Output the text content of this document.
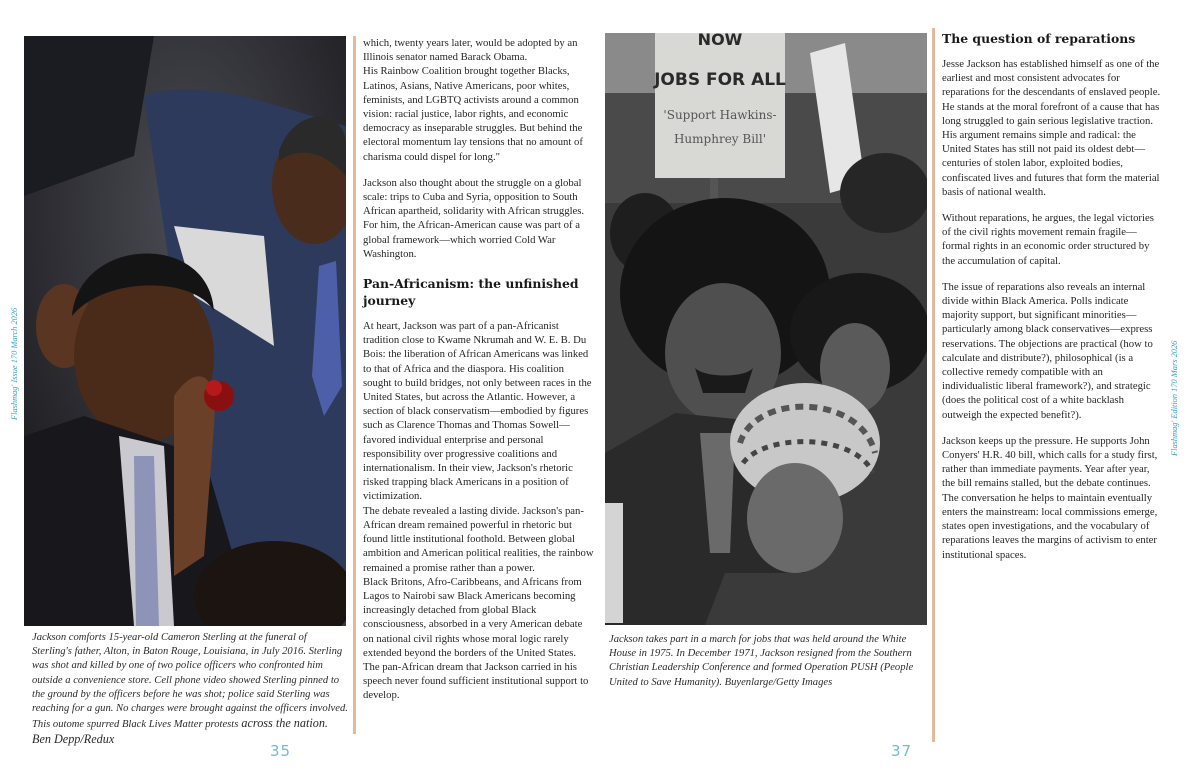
Jackson comforts 15-year-old Cameron Sterling at the funeral of Sterling's father, Alton, in Baton Rouge, Louisiana, in July 2016. Sterling was shot and killed by one of two police officers who confronted him outside a convenience store. Cell phone video showed Sterling pinned to the ground by the officers before he was shot; police said Sterling was reaching for a gun. No charges were brought against the officers involved. This outome spurred Black Lives Matter protests across the nation. Ben Depp/Redux
Flashmag' Issue 170 March 2026
35

which, twenty years later, would be adopted by an Illinois senator named Barack Obama.

His Rainbow Coalition brought together Blacks, Latinos, Asians, Native Americans, poor whites, feminists, and LGBTQ activists around a common vision: racial justice, labor rights, and economic democracy as inseparable struggles. But behind the electoral momentum lay tensions that no amount of charisma could dispel for long."

Jackson also thought about the struggle on a global scale: trips to Cuba and Syria, opposition to South African apartheid, solidarity with African struggles. For him, the African-American cause was part of a global framework—which worried Cold War Washington.

Pan-Africanism: the unfinished journey

At heart, Jackson was part of a pan-Africanist tradition close to Kwame Nkrumah and W. E. B. Du Bois: the liberation of African Americans was linked to that of Africa and the diaspora. His coalition sought to build bridges, not only between races in the United States, but across the Atlantic. However, a section of black conservatism—embodied by figures such as Clarence Thomas and Thomas Sowell—favored individual enterprise and personal responsibility over progressive coalitions and internationalism. In their view, Jackson's rhetoric risked trapping black Americans in a position of victimization.

The debate revealed a lasting divide. Jackson's pan-African dream remained powerful in rhetoric but found little institutional foothold. Between global ambition and American political realities, the rainbow remained a promise rather than a power.

Black Britons, Afro-Caribbeans, and Africans from Lagos to Nairobi saw Black Americans becoming increasingly detached from global Black consciousness, absorbed in a very American debate on national civil rights whose moral logic rarely extended beyond the borders of the United States. The pan-African dream that Jackson carried in his speech never found sufficient institutional support to develop.

NOW
JOBS FOR ALL
'Support Hawkins-
Humphrey Bill'
Jackson takes part in a march for jobs that was held around the White House in 1975. In December 1971, Jackson resigned from the Southern Christian Leadership Conference and formed Operation PUSH (People United to Save Humanity). Buyenlarge/Getty Images
37
The question of reparations

Jesse Jackson has established himself as one of the earliest and most consistent advocates for reparations for the descendants of enslaved people. He stands at the moral forefront of a cause that has long struggled to gain serious legislative traction. His argument remains simple and radical: the United States has still not paid its oldest debt—centuries of stolen labor, exploited bodies, confiscated lives and futures that form the material basis of national wealth.

Without reparations, he argues, the legal victories of the civil rights movement remain fragile—formal rights in an economic order structured by the accumulation of capital.

The issue of reparations also reveals an internal divide within Black America. Polls indicate majority support, but significant minorities—particularly among black conservatives—express reservations. The objections are practical (how to calculate and distribute?), philosophical (is a collective remedy compatible with an individualistic liberal framework?), and strategic (does the political cost of a white backlash outweigh the expected benefit?).

Jackson keeps up the pressure. He supports John Conyers' H.R. 40 bill, which calls for a study first, rather than immediate payments. Year after year, the bill remains stalled, but the debate continues. The conversation he helps to maintain eventually enters the mainstream: local commissions emerge, states open investigations, and the vocabulary of reparations leaves the margins of activism to enter institutional spaces.

Flashmag' Edition 170 Mars 2026
